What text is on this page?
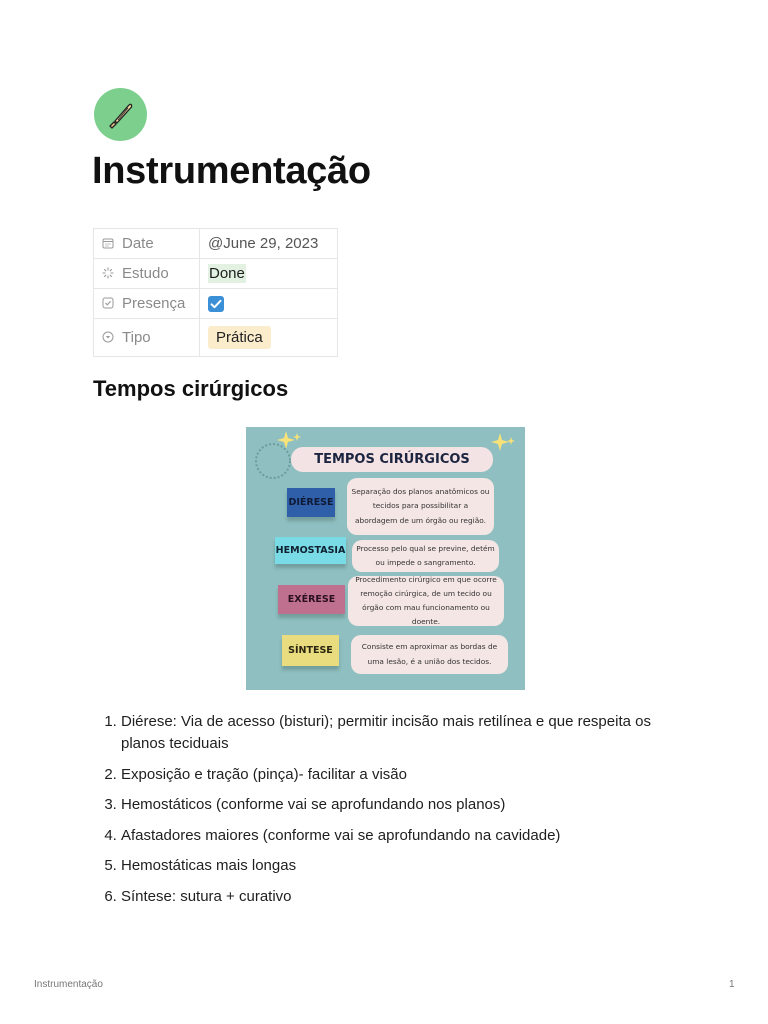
Instrumentação
Date	@June 29, 2023
Estudo	Done
Presença	
Tipo	Prática
Tempos cirúrgicos
TEMPOS CIRÚRGICOS
DIÉRESE
Separação dos planos anatômicos ou tecidos para possibilitar a abordagem de um órgão ou região.
HEMOSTASIA	Processo pelo qual se previne, detém ou impede o sangramento.
EXÉRESE
Procedimento cirúrgico em que ocorre remoção cirúrgica, de um tecido ou órgão com mau funcionamento ou doente.
SÍNTESE	Consiste em aproximar as bordas de uma lesão, é a união dos tecidos.
1. Diérese: Via de acesso (bisturi); permitir incisão mais retilínea e que respeita os planos teciduais
2. Exposição e tração (pinça)- facilitar a visão
3. Hemostáticos (conforme vai se aprofundando nos planos)
4. Afastadores maiores (conforme vai se aprofundando na cavidade)
5. Hemostáticas mais longas
6. Síntese: sutura + curativo
Instrumentação	1
